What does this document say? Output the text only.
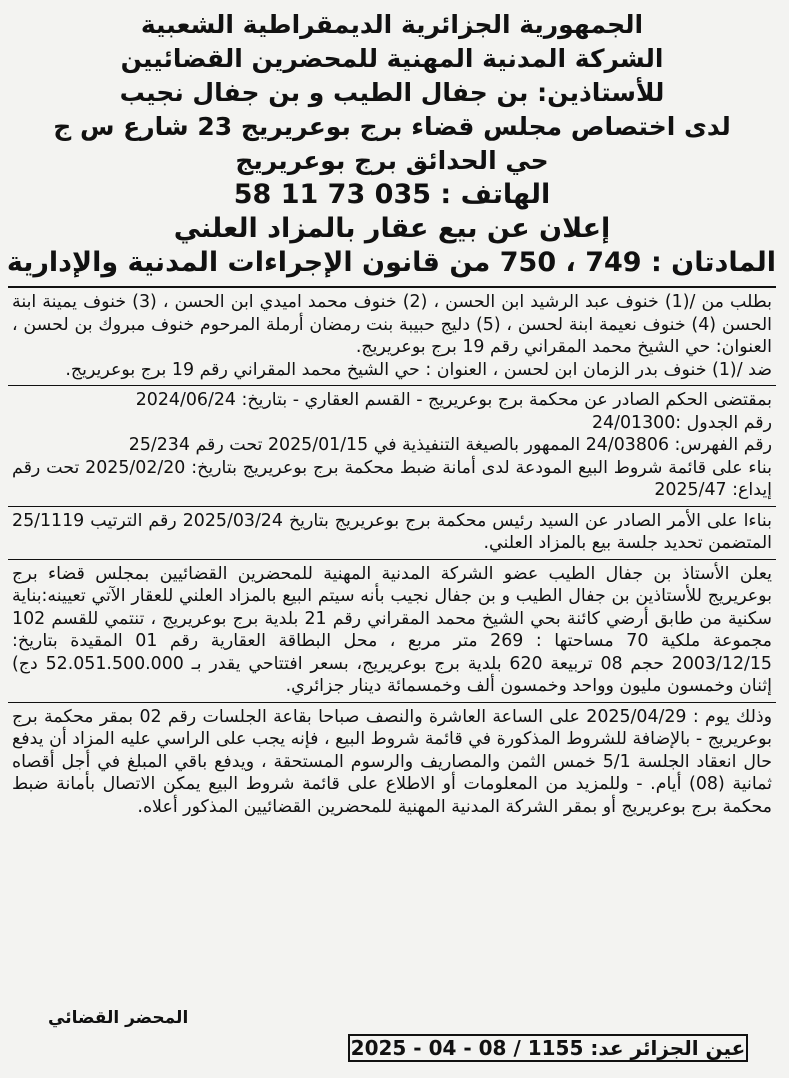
الجمهورية الجزائرية الديمقراطية الشعبية
الشركة المدنية المهنية للمحضرين القضائيين
للأستاذين: بن جفال الطيب و بن جفال نجيب
لدى اختصاص مجلس قضاء برج بوعريريج 23 شارع س ج
حي الحدائق برج بوعريريج
الهاتف : 035 73 11 58
إعلان عن بيع عقار بالمزاد العلني
المادتان : 749 ، 750 من قانون الإجراءات المدنية والإدارية

بطلب من /(1) خنوف عبد الرشيد ابن الحسن ، (2) خنوف محمد اميدي ابن الحسن ، (3) خنوف يمينة ابنة الحسن (4) خنوف نعيمة ابنة لحسن ، (5) دليج حبيبة بنت رمضان أرملة المرحوم خنوف مبروك بن لحسن ، العنوان: حي الشيخ محمد المقراني رقم 19 برج بوعريريج.

ضد /(1) خنوف بدر الزمان ابن لحسن ، العنوان : حي الشيخ محمد المقراني رقم 19 برج بوعريريج.

بمقتضى الحكم الصادر عن محكمة برج بوعريريج - القسم العقاري - بتاريخ: 2024/06/24

رقم الجدول :24/01300

رقم الفهرس: 24/03806 الممهور بالصيغة التنفيذية في 2025/01/15 تحت رقم 25/234

بناء على قائمة شروط البيع المودعة لدى أمانة ضبط محكمة برج بوعريريج بتاريخ: 2025/02/20 تحت رقم إيداع: 2025/47

بناءا على الأمر الصادر عن السيد رئيس محكمة برج بوعريريج بتاريخ 2025/03/24 رقم الترتيب 25/1119 المتضمن تحديد جلسة بيع بالمزاد العلني.

يعلن الأستاذ بن جفال الطيب عضو الشركة المدنية المهنية للمحضرين القضائيين بمجلس قضاء برج بوعريريج للأستاذين بن جفال الطيب و بن جفال نجيب بأنه سيتم البيع بالمزاد العلني للعقار الآتي تعيينه:بناية سكنية من طابق أرضي كائنة بحي الشيخ محمد المقراني رقم 21 بلدية برج بوعريريج ، تنتمي للقسم 102 مجموعة ملكية 70 مساحتها : 269 متر مربع ، محل البطاقة العقارية رقم 01 المقيدة بتاريخ: 2003/12/15 حجم 08 تربيعة 620 بلدية برج بوعريريج، بسعر افتتاحي يقدر بـ 52.051.500.000 دج) إثنان وخمسون مليون وواحد وخمسون ألف وخمسمائة دينار جزائري.

وذلك يوم : 2025/04/29 على الساعة العاشرة والنصف صباحا بقاعة الجلسات رقم 02 بمقر محكمة برج بوعريريج - بالإضافة للشروط المذكورة في قائمة شروط البيع ، فإنه يجب على الراسي عليه المزاد أن يدفع حال انعقاد الجلسة 5/1 خمس الثمن والمصاريف والرسوم المستحقة ، ويدفع باقي المبلغ في أجل أقصاه ثمانية (08) أيام. - وللمزيد من المعلومات أو الاطلاع على قائمة شروط البيع يمكن الاتصال بأمانة ضبط محكمة برج بوعريريج أو بمقر الشركة المدنية المهنية للمحضرين القضائيين المذكور أعلاه.

المحضر القضائي
عين الجزائر عد: 1155 / 08 - 04 - 2025
